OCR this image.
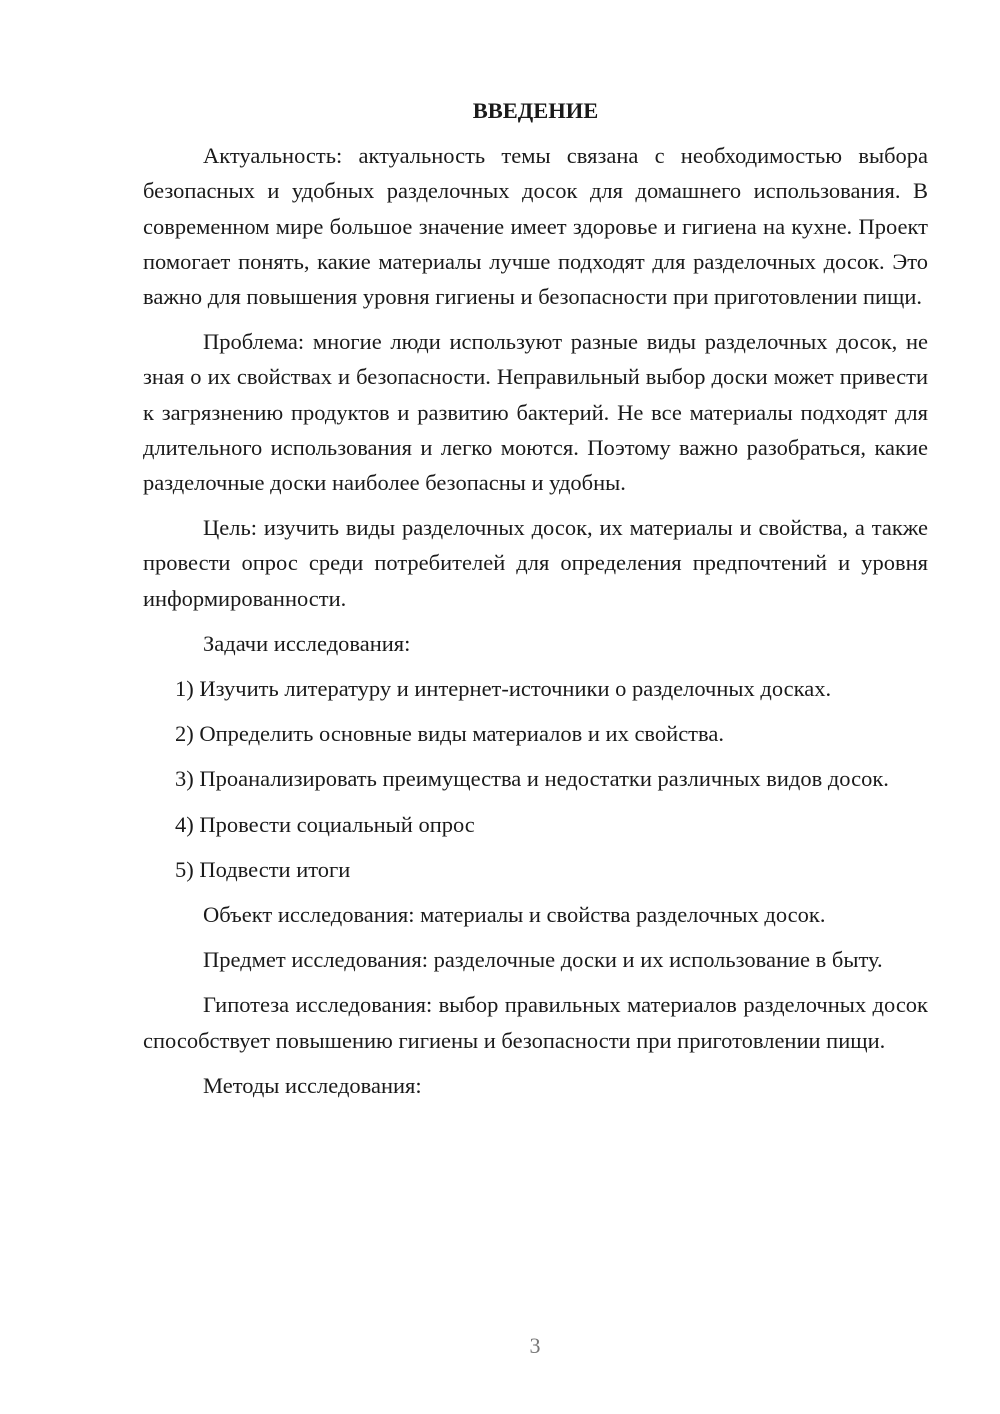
ВВЕДЕНИЕ

Актуальность: актуальность темы связана с необходимостью выбора безопасных и удобных разделочных досок для домашнего использования. В современном мире большое значение имеет здоровье и гигиена на кухне. Проект помогает понять, какие материалы лучше подходят для разделочных досок. Это важно для повышения уровня гигиены и безопасности при приготовлении пищи.

Проблема: многие люди используют разные виды разделочных досок, не зная о их свойствах и безопасности. Неправильный выбор доски может привести к загрязнению продуктов и развитию бактерий. Не все материалы подходят для длительного использования и легко моются. Поэтому важно разобраться, какие разделочные доски наиболее безопасны и удобны.

Цель: изучить виды разделочных досок, их материалы и свойства, а также провести опрос среди потребителей для определения предпочтений и уровня информированности.

Задачи исследования:

1) Изучить литературу и интернет-источники о разделочных досках.

2) Определить основные виды материалов и их свойства.

3) Проанализировать преимущества и недостатки различных видов досок.

4) Провести социальный опрос

5) Подвести итоги

Объект исследования: материалы и свойства разделочных досок.

Предмет исследования: разделочные доски и их использование в быту.

Гипотеза исследования: выбор правильных материалов разделочных досок способствует повышению гигиены и безопасности при приготовлении пищи.

Методы исследования:

3
